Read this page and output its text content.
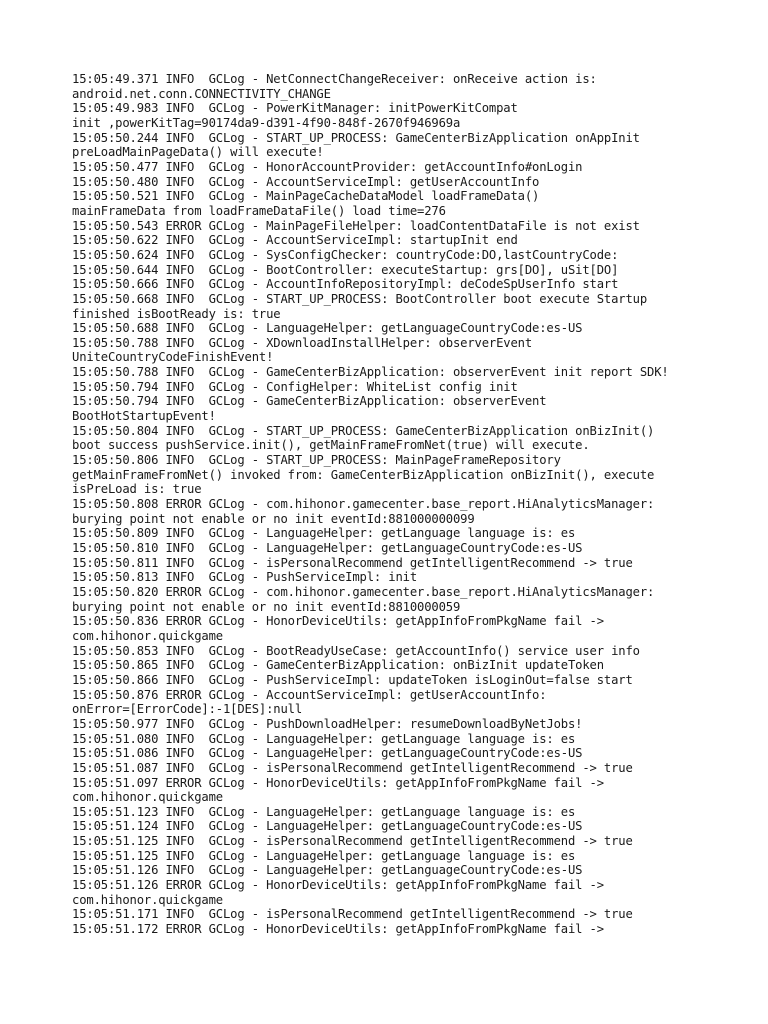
15:05:49.371 INFO  GCLog - NetConnectChangeReceiver: onReceive action is:
android.net.conn.CONNECTIVITY_CHANGE
15:05:49.983 INFO  GCLog - PowerKitManager: initPowerKitCompat
init ,powerKitTag=90174da9-d391-4f90-848f-2670f946969a
15:05:50.244 INFO  GCLog - START_UP_PROCESS: GameCenterBizApplication onAppInit
preLoadMainPageData() will execute!
15:05:50.477 INFO  GCLog - HonorAccountProvider: getAccountInfo#onLogin
15:05:50.480 INFO  GCLog - AccountServiceImpl: getUserAccountInfo
15:05:50.521 INFO  GCLog - MainPageCacheDataModel loadFrameData()
mainFrameData from loadFrameDataFile() load time=276
15:05:50.543 ERROR GCLog - MainPageFileHelper: loadContentDataFile is not exist
15:05:50.622 INFO  GCLog - AccountServiceImpl: startupInit end
15:05:50.624 INFO  GCLog - SysConfigChecker: countryCode:DO,lastCountryCode:
15:05:50.644 INFO  GCLog - BootController: executeStartup: grs[DO], uSit[DO]
15:05:50.666 INFO  GCLog - AccountInfoRepositoryImpl: deCodeSpUserInfo start
15:05:50.668 INFO  GCLog - START_UP_PROCESS: BootController boot execute Startup
finished isBootReady is: true
15:05:50.688 INFO  GCLog - LanguageHelper: getLanguageCountryCode:es-US
15:05:50.788 INFO  GCLog - XDownloadInstallHelper: observerEvent
UniteCountryCodeFinishEvent!
15:05:50.788 INFO  GCLog - GameCenterBizApplication: observerEvent init report SDK!
15:05:50.794 INFO  GCLog - ConfigHelper: WhiteList config init
15:05:50.794 INFO  GCLog - GameCenterBizApplication: observerEvent
BootHotStartupEvent!
15:05:50.804 INFO  GCLog - START_UP_PROCESS: GameCenterBizApplication onBizInit()
boot success pushService.init(), getMainFrameFromNet(true) will execute.
15:05:50.806 INFO  GCLog - START_UP_PROCESS: MainPageFrameRepository
getMainFrameFromNet() invoked from: GameCenterBizApplication onBizInit(), execute
isPreLoad is: true
15:05:50.808 ERROR GCLog - com.hihonor.gamecenter.base_report.HiAnalyticsManager:
burying point not enable or no init eventId:881000000099
15:05:50.809 INFO  GCLog - LanguageHelper: getLanguage language is: es
15:05:50.810 INFO  GCLog - LanguageHelper: getLanguageCountryCode:es-US
15:05:50.811 INFO  GCLog - isPersonalRecommend getIntelligentRecommend -> true
15:05:50.813 INFO  GCLog - PushServiceImpl: init
15:05:50.820 ERROR GCLog - com.hihonor.gamecenter.base_report.HiAnalyticsManager:
burying point not enable or no init eventId:8810000059
15:05:50.836 ERROR GCLog - HonorDeviceUtils: getAppInfoFromPkgName fail ->
com.hihonor.quickgame
15:05:50.853 INFO  GCLog - BootReadyUseCase: getAccountInfo() service user info
15:05:50.865 INFO  GCLog - GameCenterBizApplication: onBizInit updateToken
15:05:50.866 INFO  GCLog - PushServiceImpl: updateToken isLoginOut=false start
15:05:50.876 ERROR GCLog - AccountServiceImpl: getUserAccountInfo:
onError=[ErrorCode]:-1[DES]:null
15:05:50.977 INFO  GCLog - PushDownloadHelper: resumeDownloadByNetJobs!
15:05:51.080 INFO  GCLog - LanguageHelper: getLanguage language is: es
15:05:51.086 INFO  GCLog - LanguageHelper: getLanguageCountryCode:es-US
15:05:51.087 INFO  GCLog - isPersonalRecommend getIntelligentRecommend -> true
15:05:51.097 ERROR GCLog - HonorDeviceUtils: getAppInfoFromPkgName fail ->
com.hihonor.quickgame
15:05:51.123 INFO  GCLog - LanguageHelper: getLanguage language is: es
15:05:51.124 INFO  GCLog - LanguageHelper: getLanguageCountryCode:es-US
15:05:51.125 INFO  GCLog - isPersonalRecommend getIntelligentRecommend -> true
15:05:51.125 INFO  GCLog - LanguageHelper: getLanguage language is: es
15:05:51.126 INFO  GCLog - LanguageHelper: getLanguageCountryCode:es-US
15:05:51.126 ERROR GCLog - HonorDeviceUtils: getAppInfoFromPkgName fail ->
com.hihonor.quickgame
15:05:51.171 INFO  GCLog - isPersonalRecommend getIntelligentRecommend -> true
15:05:51.172 ERROR GCLog - HonorDeviceUtils: getAppInfoFromPkgName fail ->
